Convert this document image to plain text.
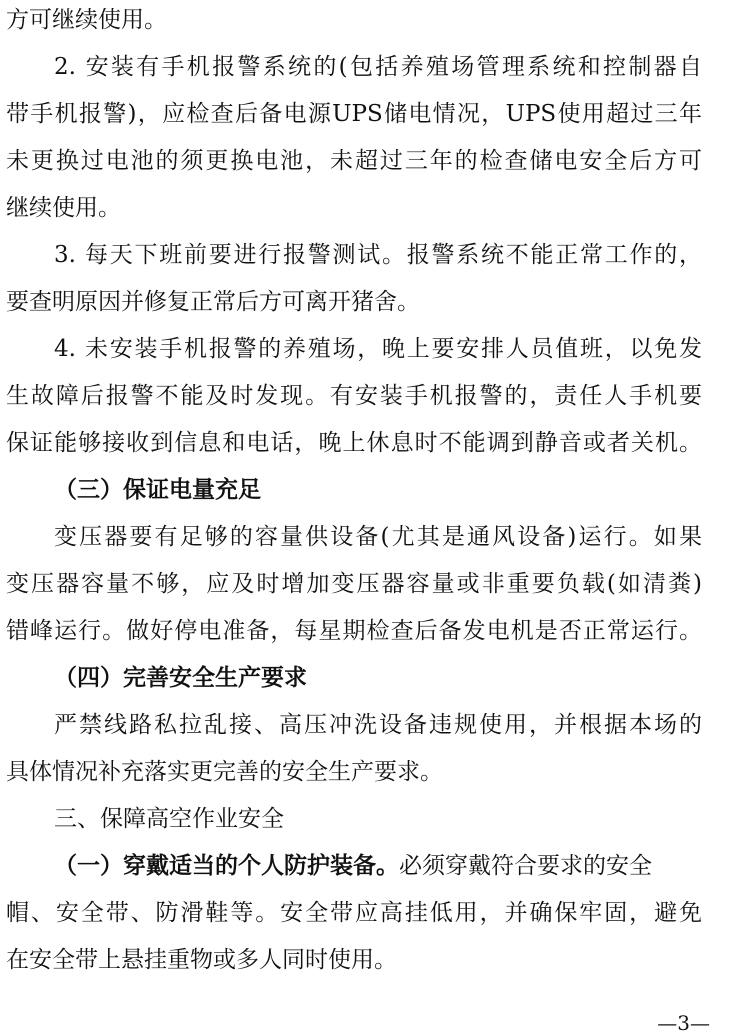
方可继续使用。
2. 安装有手机报警系统的(包括养殖场管理系统和控制器自
带手机报警)，应检查后备电源UPS储电情况，UPS使用超过三年
未更换过电池的须更换电池，未超过三年的检查储电安全后方可
继续使用。
3. 每天下班前要进行报警测试。报警系统不能正常工作的，
要查明原因并修复正常后方可离开猪舍。
4. 未安装手机报警的养殖场，晚上要安排人员值班，以免发
生故障后报警不能及时发现。有安装手机报警的，责任人手机要
保证能够接收到信息和电话，晚上休息时不能调到静音或者关机。
（三）保证电量充足
变压器要有足够的容量供设备(尤其是通风设备)运行。如果
变压器容量不够，应及时增加变压器容量或非重要负载(如清粪)
错峰运行。做好停电准备，每星期检查后备发电机是否正常运行。
（四）完善安全生产要求
严禁线路私拉乱接、高压冲洗设备违规使用，并根据本场的
具体情况补充落实更完善的安全生产要求。
三、保障高空作业安全
（一）穿戴适当的个人防护装备。必须穿戴符合要求的安全
帽、安全带、防滑鞋等。安全带应高挂低用，并确保牢固，避免
在安全带上悬挂重物或多人同时使用。
—3—
